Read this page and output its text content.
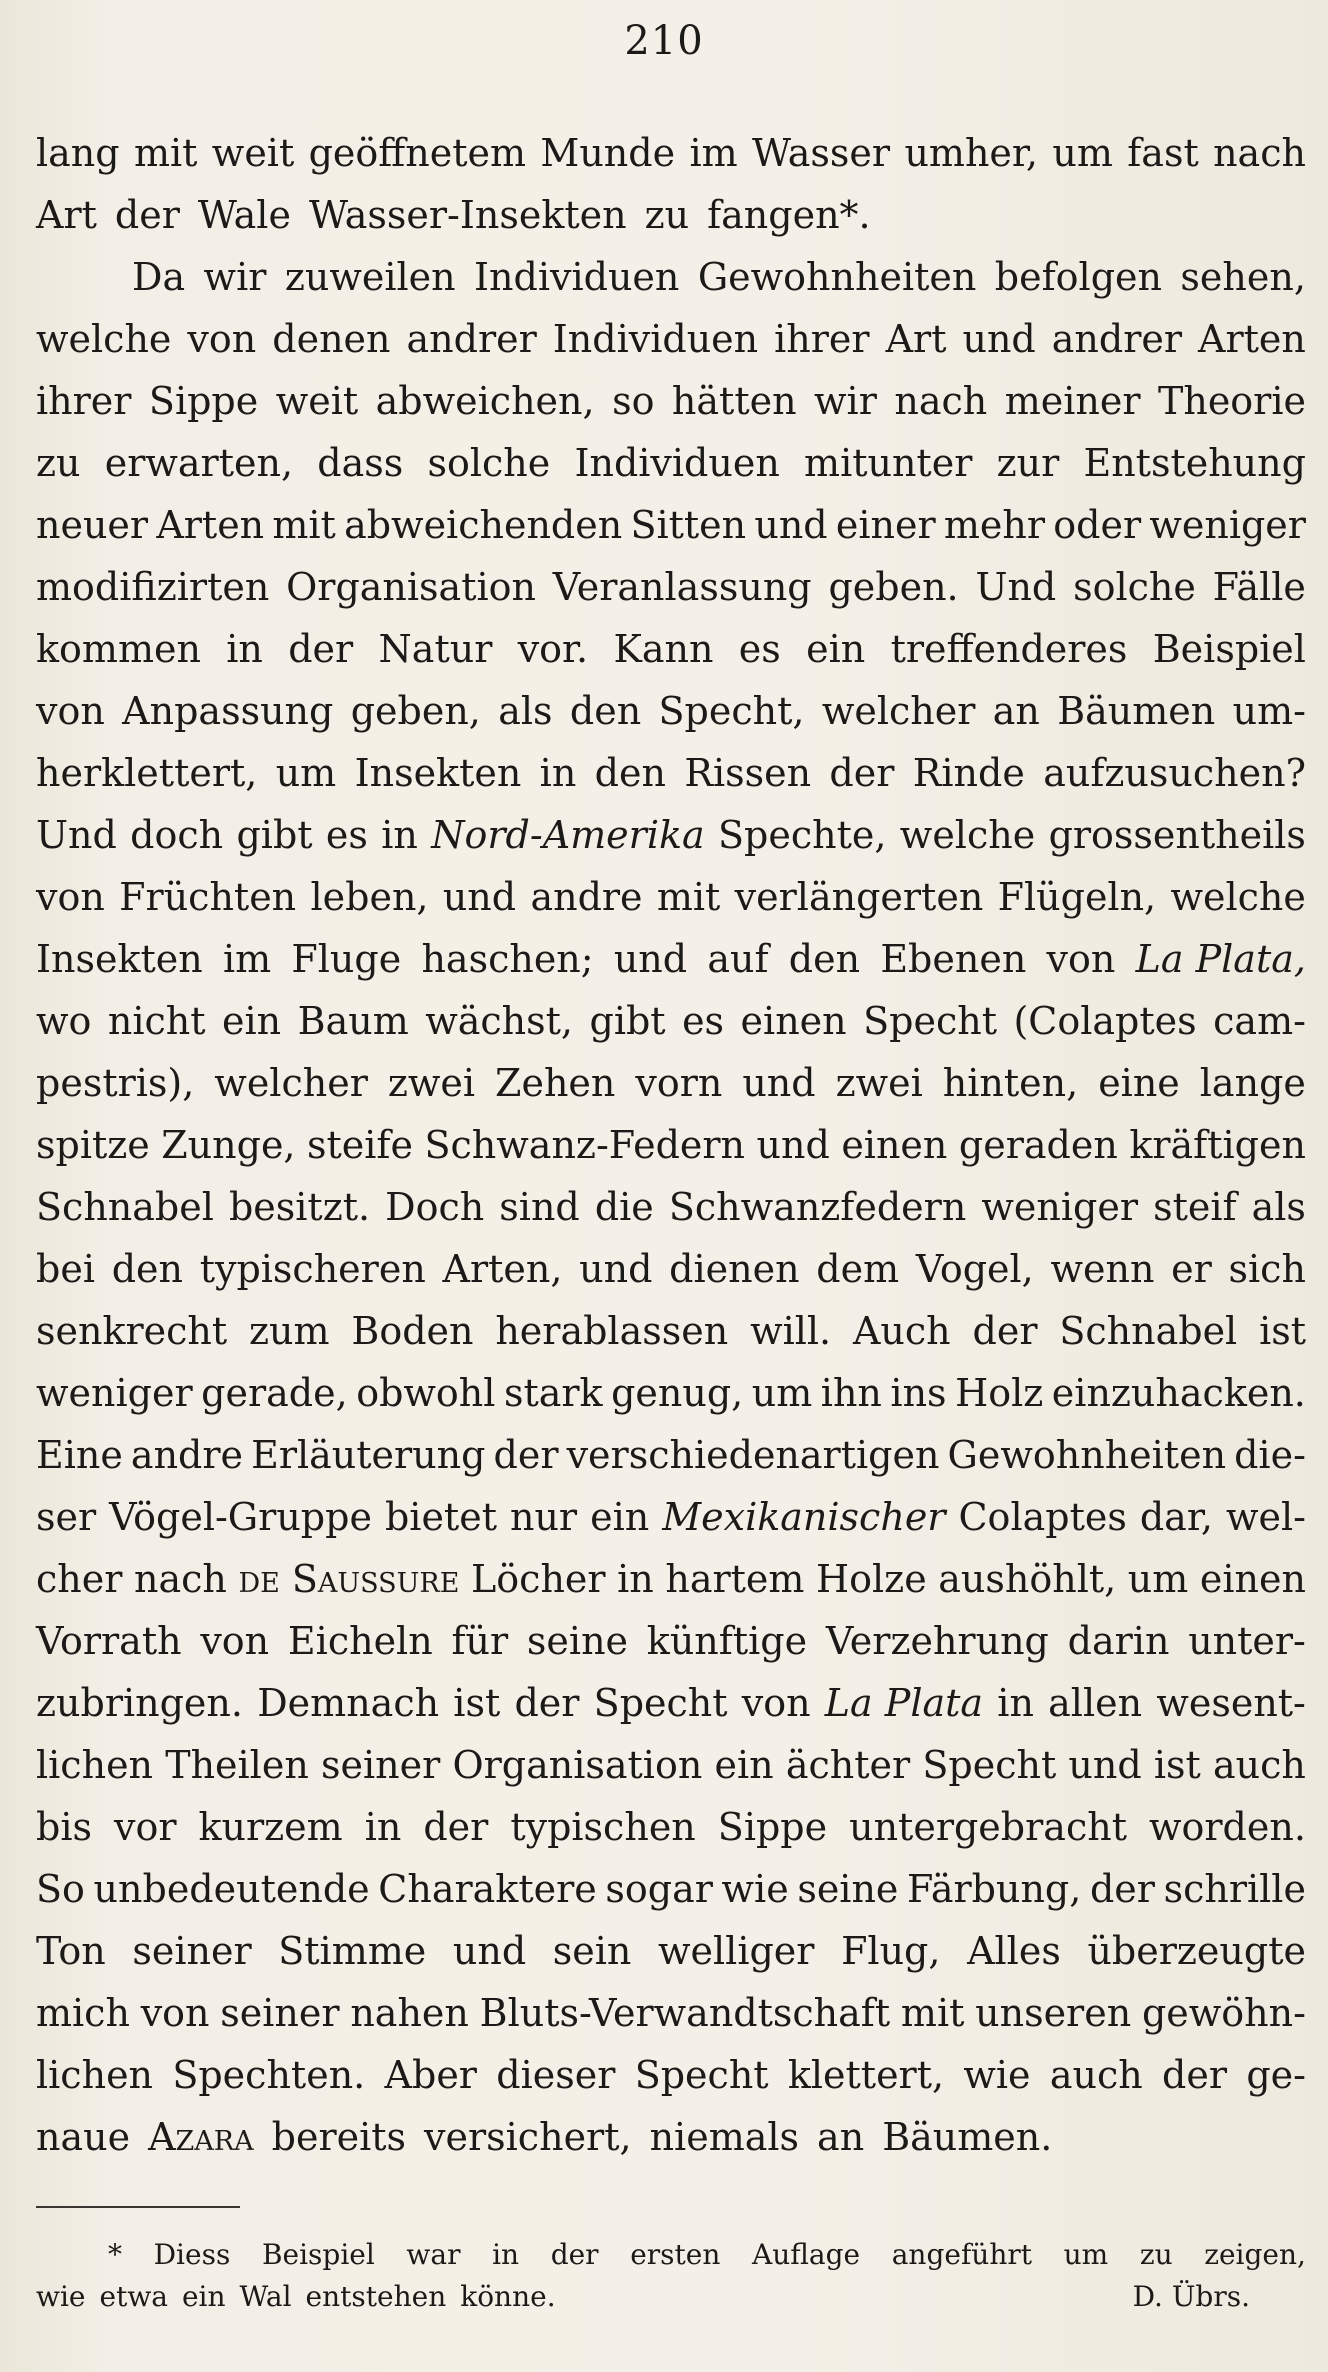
210
lang mit weit geöffnetem Munde im Wasser umher, um fast nach
Art der Wale Wasser-Insekten zu fangen*.
Da wir zuweilen Individuen Gewohnheiten befolgen sehen,
welche von denen andrer Individuen ihrer Art und andrer Arten
ihrer Sippe weit abweichen, so hätten wir nach meiner Theorie
zu erwarten, dass solche Individuen mitunter zur Entstehung
neuer Arten mit abweichenden Sitten und einer mehr oder weniger
modifizirten Organisation Veranlassung geben. Und solche Fälle
kommen in der Natur vor. Kann es ein treffenderes Beispiel
von Anpassung geben, als den Specht, welcher an Bäumen um-
herklettert, um Insekten in den Rissen der Rinde aufzusuchen?
Und doch gibt es in Nord-Amerika Spechte, welche grossentheils
von Früchten leben, und andre mit verlängerten Flügeln, welche
Insekten im Fluge haschen; und auf den Ebenen von La Plata,
wo nicht ein Baum wächst, gibt es einen Specht (Colaptes cam-
pestris), welcher zwei Zehen vorn und zwei hinten, eine lange
spitze Zunge, steife Schwanz-Federn und einen geraden kräftigen
Schnabel besitzt. Doch sind die Schwanzfedern weniger steif als
bei den typischeren Arten, und dienen dem Vogel, wenn er sich
senkrecht zum Boden herablassen will. Auch der Schnabel ist
weniger gerade, obwohl stark genug, um ihn ins Holz einzuhacken.
Eine andre Erläuterung der verschiedenartigen Gewohnheiten die-
ser Vögel-Gruppe bietet nur ein Mexikanischer Colaptes dar, wel-
cher nach de Saussure Löcher in hartem Holze aushöhlt, um einen
Vorrath von Eicheln für seine künftige Verzehrung darin unter-
zubringen. Demnach ist der Specht von La Plata in allen wesent-
lichen Theilen seiner Organisation ein ächter Specht und ist auch
bis vor kurzem in der typischen Sippe untergebracht worden.
So unbedeutende Charaktere sogar wie seine Färbung, der schrille
Ton seiner Stimme und sein welliger Flug, Alles überzeugte
mich von seiner nahen Bluts-Verwandtschaft mit unseren gewöhn-
lichen Spechten. Aber dieser Specht klettert, wie auch der ge-
naue Azara bereits versichert, niemals an Bäumen.
* Diess Beispiel war in der ersten Auflage angeführt um zu zeigen,
wie etwa ein Wal entstehen könne.	D. Übrs.
